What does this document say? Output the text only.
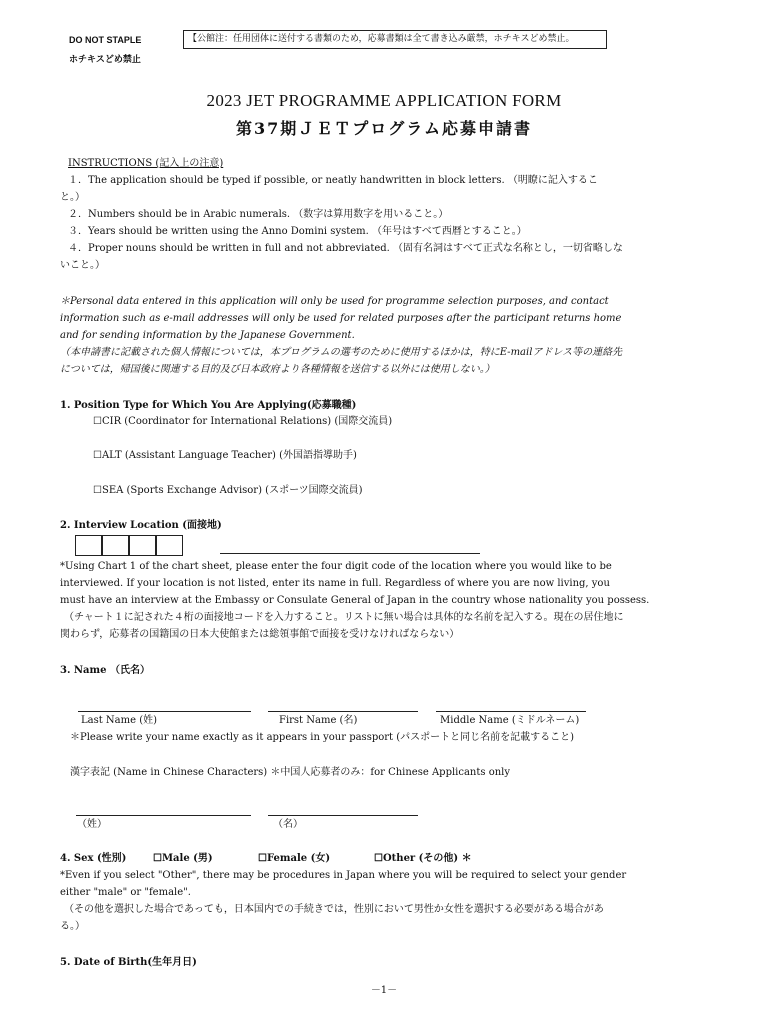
DO NOT STAPLE
ホチキスどめ禁止
【公館注：任用団体に送付する書類のため，応募書類は全て書き込み厳禁，ホチキスどめ禁止。
2023 JET PROGRAMME APPLICATION FORM
第37期ＪＥＴプログラム応募申請書
INSTRUCTIONS (記入上の注意)
１．The application should be typed if possible, or neatly handwritten in block letters. （明瞭に記入するこ
と。）
２．Numbers should be in Arabic numerals. （数字は算用数字を用いること。）
３．Years should be written using the Anno Domini system. （年号はすべて西暦とすること。）
４．Proper nouns should be written in full and not abbreviated. （固有名詞はすべて正式な名称とし，一切省略しな
いこと。）
＊Personal data entered in this application will only be used for programme selection purposes, and contact
information such as e-mail addresses will only be used for related purposes after the participant returns home
and for sending information by the Japanese Government.
（本申請書に記載された個人情報については，本プログラムの選考のために使用するほかは，特にE-mailアドレス等の連絡先
については，帰国後に関連する目的及び日本政府より各種情報を送信する以外には使用しない。）
1. Position Type for Which You Are Applying(応募職種)
☐CIR (Coordinator for International Relations) (国際交流員)
☐ALT (Assistant Language Teacher) (外国語指導助手)
☐SEA (Sports Exchange Advisor) (スポーツ国際交流員)
2. Interview Location (面接地)
*Using Chart 1 of the chart sheet, please enter the four digit code of the location where you would like to be
interviewed. If your location is not listed, enter its name in full. Regardless of where you are now living, you
must have an interview at the Embassy or Consulate General of Japan in the country whose nationality you possess.
（チャート１に記された４桁の面接地コードを入力すること。リストに無い場合は具体的な名前を記入する。現在の居住地に
関わらず，応募者の国籍国の日本大使館または総領事館で面接を受けなければならない）
3. Name （氏名）
Last Name (姓)	First Name (名)	Middle Name (ミドルネーム)
＊Please write your name exactly as it appears in your passport (パスポートと同じ名前を記載すること)
漢字表記 (Name in Chinese Characters) ＊中国人応募者のみ：for Chinese Applicants only
（姓）	（名）
4. Sex (性別)	☐Male (男)	☐Female (女)	☐Other (その他) ＊
*Even if you select "Other", there may be procedures in Japan where you will be required to select your gender
either "male" or "female".
（その他を選択した場合であっても，日本国内での手続きでは，性別において男性か女性を選択する必要がある場合があ
る。）
5. Date of Birth(生年月日)
－1－
